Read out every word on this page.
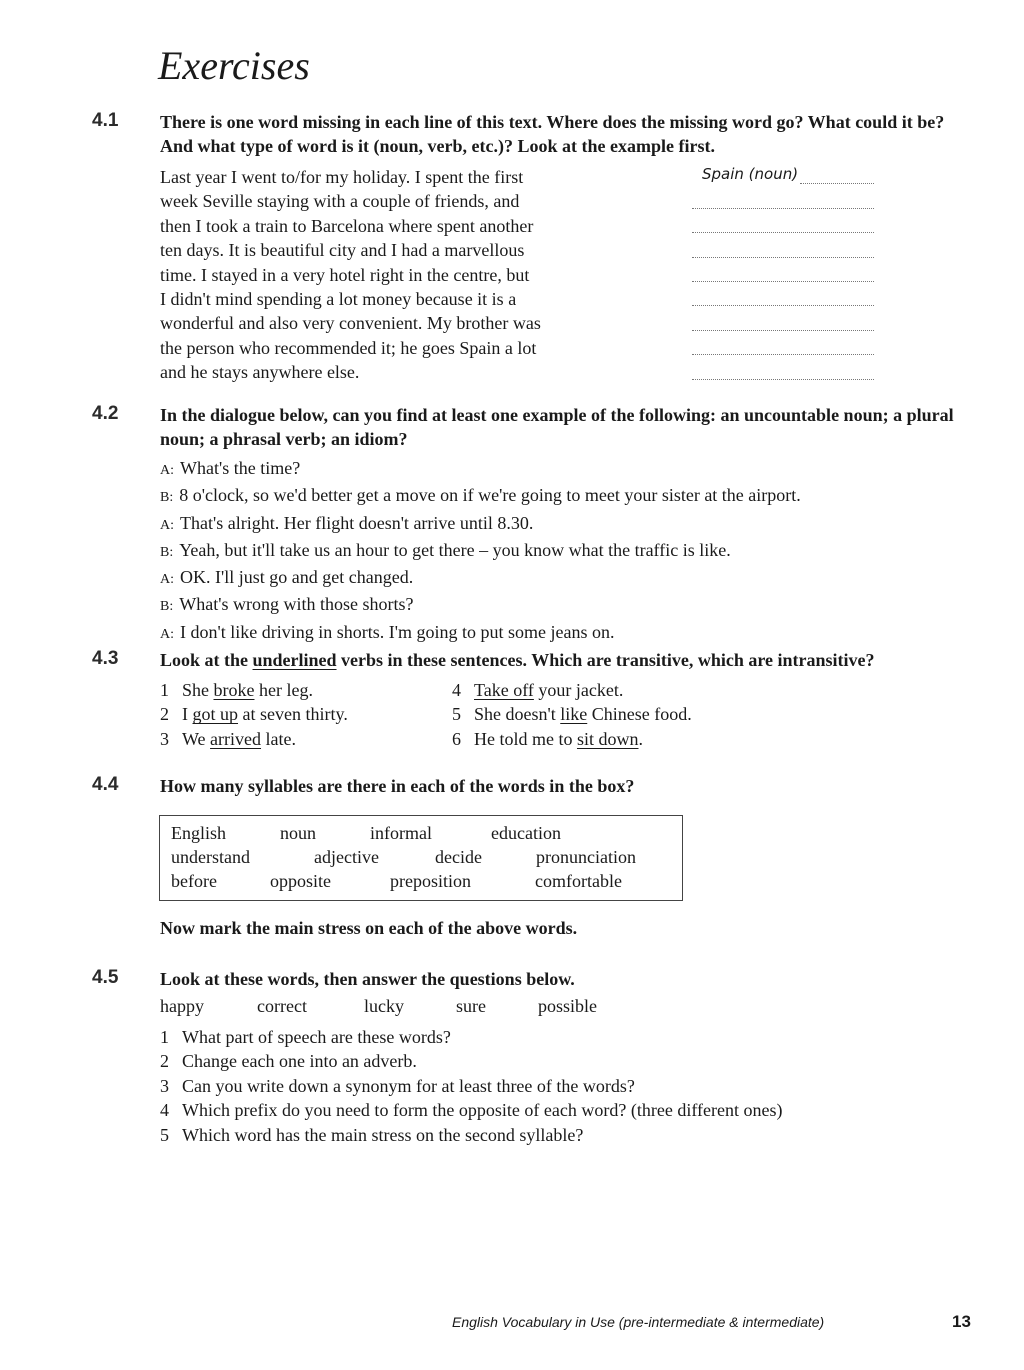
Exercises
4.1 There is one word missing in each line of this text. Where does the missing word go? What could it be? And what type of word is it (noun, verb, etc.)? Look at the example first.
Last year I went to/for my holiday. I spent the first
week Seville staying with a couple of friends, and
then I took a train to Barcelona where spent another
ten days. It is beautiful city and I had a marvellous
time. I stayed in a very hotel right in the centre, but
I didn't mind spending a lot money because it is a
wonderful and also very convenient. My brother was
the person who recommended it; he goes Spain a lot
and he stays anywhere else.
Spain (noun)
4.2 In the dialogue below, can you find at least one example of the following: an uncountable noun; a plural noun; a phrasal verb; an idiom?
A: What's the time?
B: 8 o'clock, so we'd better get a move on if we're going to meet your sister at the airport.
A: That's alright. Her flight doesn't arrive until 8.30.
B: Yeah, but it'll take us an hour to get there – you know what the traffic is like.
A: OK. I'll just go and get changed.
B: What's wrong with those shorts?
A: I don't like driving in shorts. I'm going to put some jeans on.
4.3 Look at the underlined verbs in these sentences. Which are transitive, which are intransitive?
1 She broke her leg.
2 I got up at seven thirty.
3 We arrived late.
4 Take off your jacket.
5 She doesn't like Chinese food.
6 He told me to sit down.
4.4 How many syllables are there in each of the words in the box?
English	noun	informal	education
understand	adjective	decide	pronunciation
before	opposite	preposition	comfortable
Now mark the main stress on each of the above words.
4.5 Look at these words, then answer the questions below.
happy	correct	lucky	sure	possible
1 What part of speech are these words?
2 Change each one into an adverb.
3 Can you write down a synonym for at least three of the words?
4 Which prefix do you need to form the opposite of each word? (three different ones)
5 Which word has the main stress on the second syllable?
English Vocabulary in Use (pre-intermediate & intermediate)	13
